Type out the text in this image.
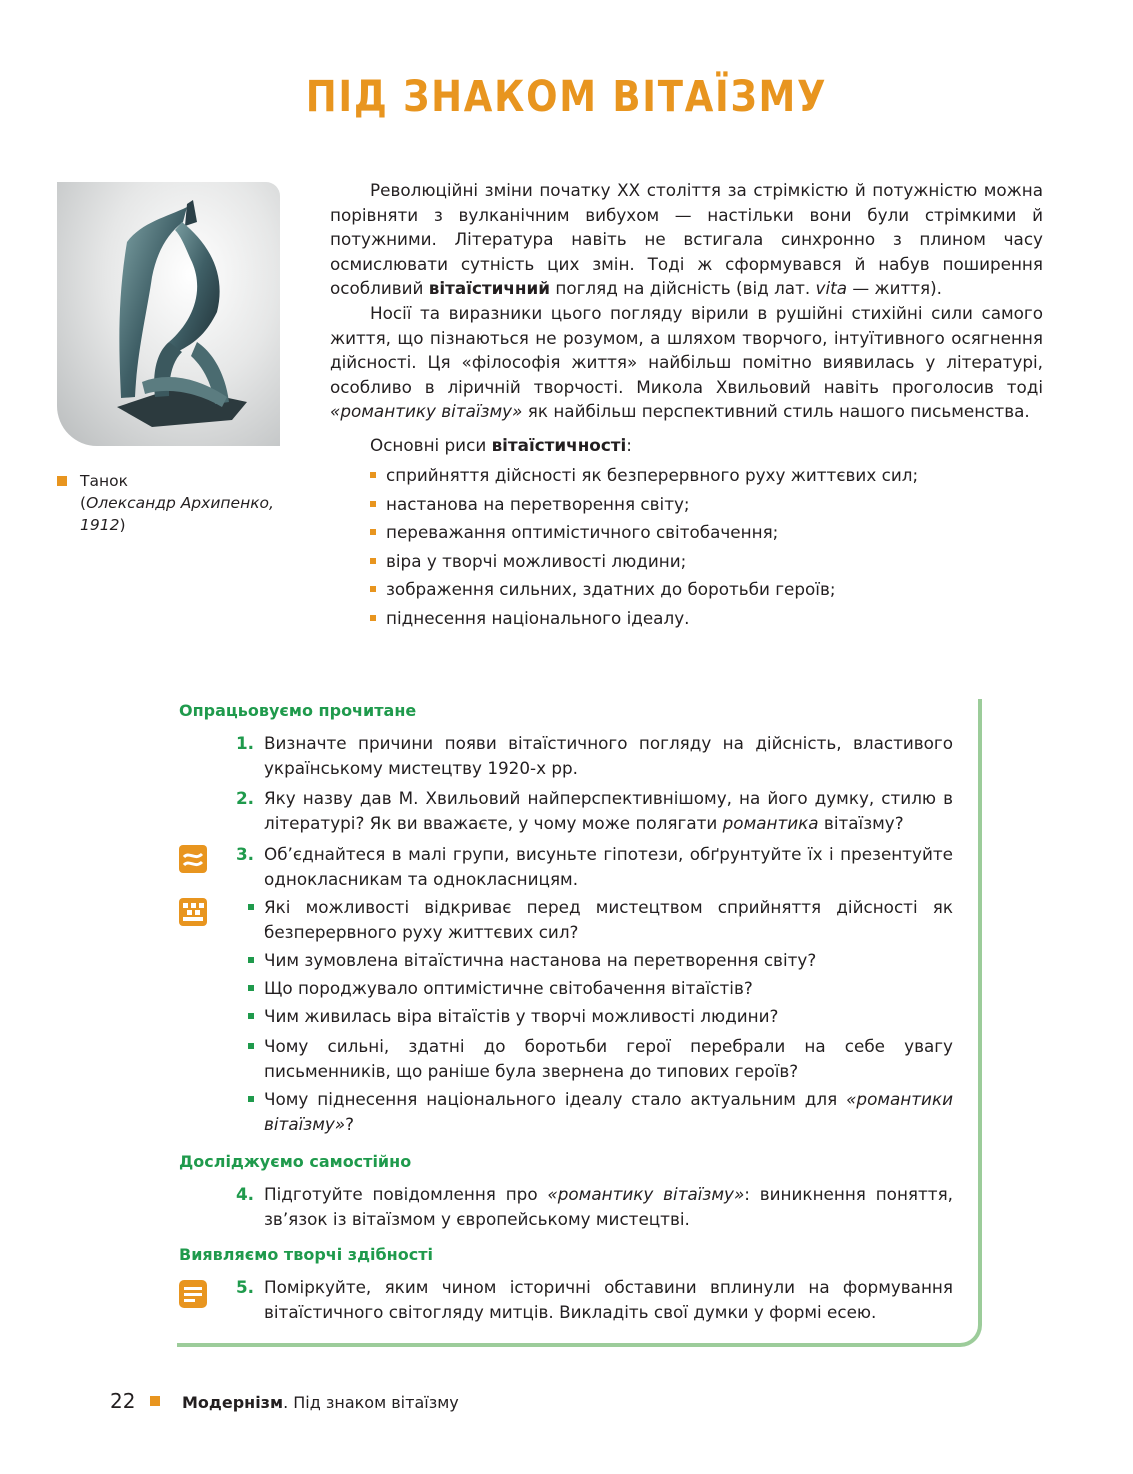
ПІД ЗНАКОМ ВІТАЇЗМУ
Танок
(Олександр Архипенко,
1912)

Революційні зміни початку XX століття за стрімкістю й потужністю можна порівняти з вулканічним вибухом — настільки вони були стрімкими й потужними. Література навіть не встигала синхронно з плином часу осмислювати сутність цих змін. Тоді ж сформувався й набув поширення особливий вітаїстичний погляд на дійсність (від лат. vita — життя).

Носії та виразники цього погляду вірили в рушійні стихійні сили самого життя, що пізнаються не розумом, а шляхом творчого, інтуїтивного осягнення дійсності. Ця «філософія життя» найбільш помітно виявилась у літературі, особливо в ліричній творчості. Микола Хвильовий навіть проголосив тоді «романтику вітаїзму» як найбільш перспективний стиль нашого письменства.

Основні риси вітаїстичності:
сприйняття дійсності як безперервного руху життєвих сил;
настанова на перетворення світу;
переважання оптимістичного світобачення;
віра у творчі можливості людини;
зображення сильних, здатних до боротьби героїв;
піднесення національного ідеалу.
Опрацьовуємо прочитане
1. Визначте причини появи вітаїстичного погляду на дійсність, властивого українському мистецтву 1920-х рр.
2. Яку назву дав М. Хвильовий найперспективнішому, на його думку, стилю в літературі? Як ви вважаєте, у чому може полягати романтика вітаїзму?
3. Об’єднайтеся в малі групи, висуньте гіпотези, обґрунтуйте їх і презентуйте однокласникам та однокласницям.
Які можливості відкриває перед мистецтвом сприйняття дійсності як безперервного руху життєвих сил?
Чим зумовлена вітаїстична настанова на перетворення світу?
Що породжувало оптимістичне світобачення вітаїстів?
Чим живилась віра вітаїстів у творчі можливості людини?
Чому сильні, здатні до боротьби герої перебрали на себе увагу письменників, що раніше була звернена до типових героїв?
Чому піднесення національного ідеалу стало актуальним для «романтики вітаїзму»?
Досліджуємо самостійно
4. Підготуйте повідомлення про «романтику вітаїзму»: виникнення поняття, зв’язок із вітаїзмом у європейському мистецтві.
Виявляємо творчі здібності
5. Поміркуйте, яким чином історичні обставини вплинули на формування вітаїстичного світогляду митців. Викладіть свої думки у формі есею.
22	Модернізм. Під знаком вітаїзму
